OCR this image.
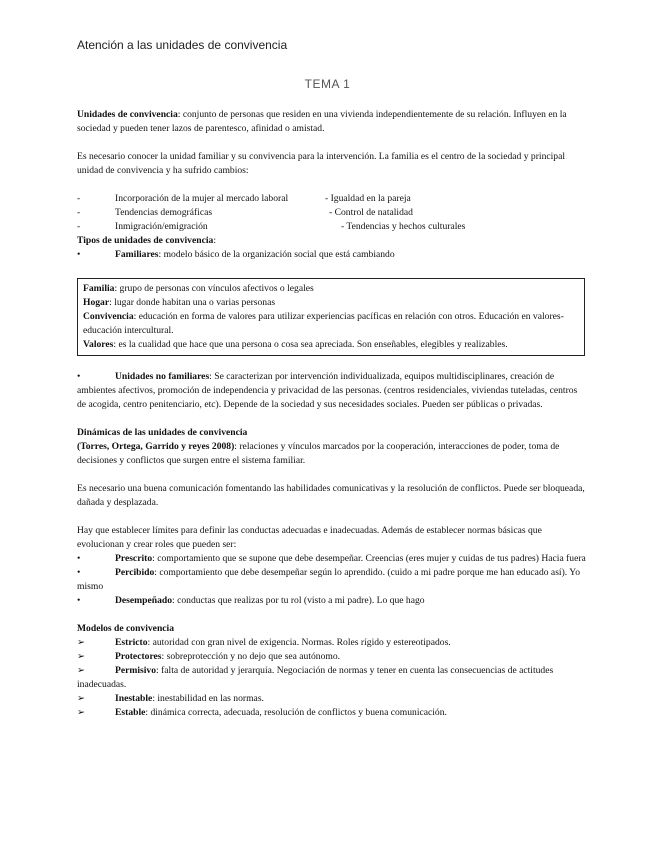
Atención a las unidades de convivencia
TEMA 1

Unidades de convivencia: conjunto de personas que residen en una vivienda independientemente de su relación. Influyen en la sociedad y pueden tener lazos de parentesco, afinidad o amistad.

Es necesario conocer la unidad familiar y su convivencia para la intervención. La familia es el centro de la sociedad y principal unidad de convivencia y ha sufrido cambios:

-	Incorporación de la mujer al mercado laboral	- Igualdad en la pareja
-	Tendencias demográficas	- Control de natalidad
-	Inmigración/emigración	- Tendencias y hechos culturales

Tipos de unidades de convivencia:

•	Familiares: modelo básico de la organización social que está cambiando

Familia: grupo de personas con vínculos afectivos o legales

Hogar: lugar donde habitan una o varias personas

Convivencia: educación en forma de valores para utilizar experiencias pacíficas en relación con otros. Educación en valores-educación intercultural.

Valores: es la cualidad que hace que una persona o cosa sea apreciada. Son enseñables, elegibles y realizables.

•	Unidades no familiares: Se caracterizan por intervención individualizada, equipos multidisciplinares, creación de ambientes afectivos, promoción de independencia y privacidad de las personas. (centros residenciales, viviendas tuteladas, centros de acogida, centro penitenciario, etc). Depende de la sociedad y sus necesidades sociales. Pueden ser públicas o privadas.

Dinámicas de las unidades de convivencia

(Torres, Ortega, Garrido y reyes 2008): relaciones y vínculos marcados por la cooperación, interacciones de poder, toma de decisiones y conflictos que surgen entre el sistema familiar.

Es necesario una buena comunicación fomentando las habilidades comunicativas y la resolución de conflictos. Puede ser bloqueada, dañada y desplazada.

Hay que establecer límites para definir las conductas adecuadas e inadecuadas. Además de establecer normas básicas que evolucionan y crear roles que pueden ser:

•	Prescrito: comportamiento que se supone que debe desempeñar. Creencias (eres mujer y cuidas de tus padres) Hacia fuera

•	Percibido: comportamiento que debe desempeñar según lo aprendido. (cuido a mi padre porque me han educado así). Yo mismo

•	Desempeñado: conductas que realizas por tu rol (visto a mi padre). Lo que hago

Modelos de convivencia

➢	Estricto: autoridad con gran nivel de exigencia. Normas. Roles rígido y estereotipados.

➢	Protectores: sobreprotección y no dejo que sea autónomo.

➢	Permisivo: falta de autoridad y jerarquía. Negociación de normas y tener en cuenta las consecuencias de actitudes inadecuadas.

➢	Inestable: inestabilidad en las normas.

➢	Estable: dinámica correcta, adecuada, resolución de conflictos y buena comunicación.
